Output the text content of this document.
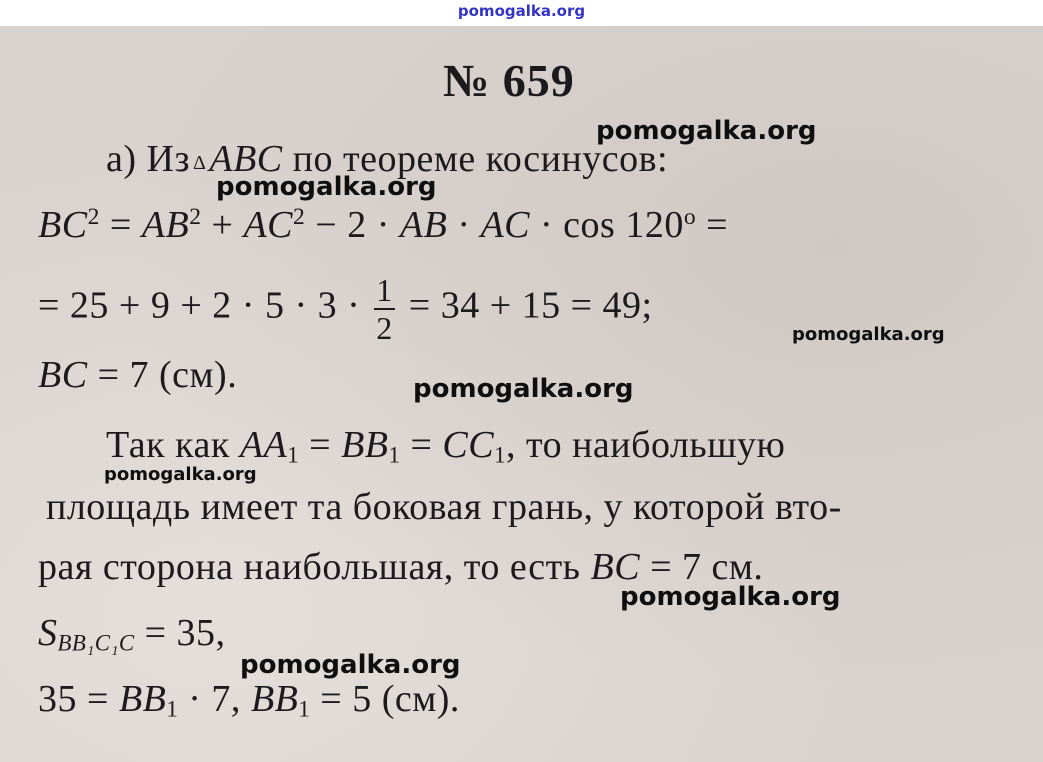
pomogalka.org
№ 659
а) Из ΔABC по теореме косинусов:
$BC^2 = AB^2 + AC^2 - 2$ · AB · AC · $\cos 120^o$ =
= $25 + 9 + 2 \cdot 5 \cdot 3 \cdot \frac{1}{2} = 34 + 15 = 49$;
BC = 7 (см).
Так как $AA_1 = BB_1 = CC_1$, то наибольшую
площадь имеет та боковая грань, у которой вто-
рая сторона наибольшая, то есть BC = 7 см.
$S_{BB_1C_1C} = 35$,
$35 = BB_1 \cdot 7$, $BB_1 = 5$ (см).
pomogalka.org
pomogalka.org
pomogalka.org
pomogalka.org
pomogalka.org
pomogalka.org
pomogalka.org
